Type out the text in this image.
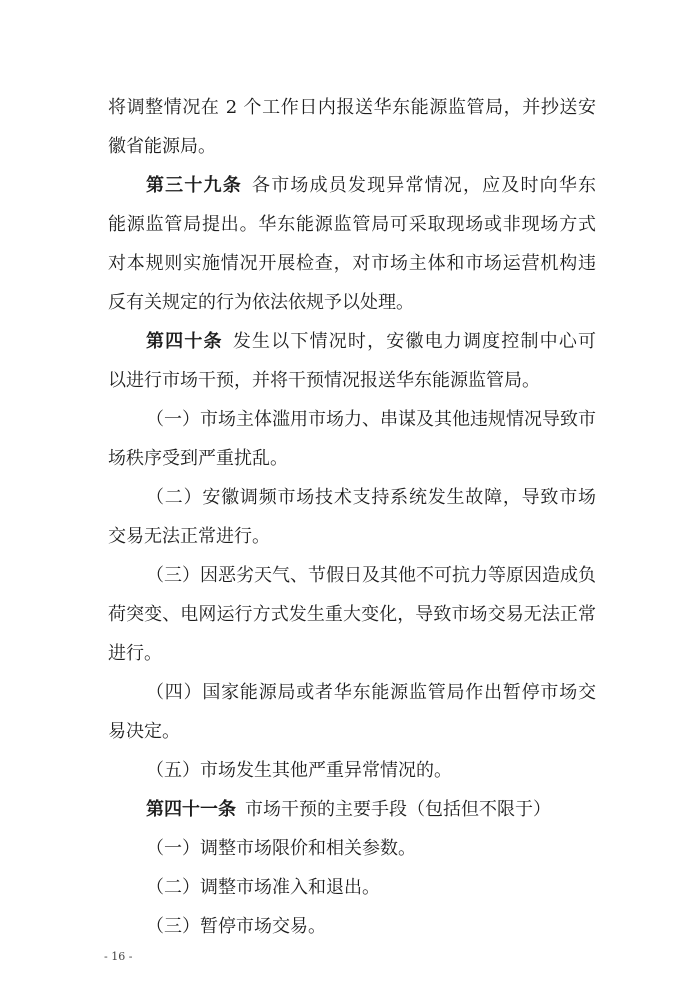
将调整情况在 2 个工作日内报送华东能源监管局，并抄送安
徽省能源局。
第三十九条  各市场成员发现异常情况，应及时向华东
能源监管局提出。华东能源监管局可采取现场或非现场方式
对本规则实施情况开展检查，对市场主体和市场运营机构违
反有关规定的行为依法依规予以处理。
第四十条  发生以下情况时，安徽电力调度控制中心可
以进行市场干预，并将干预情况报送华东能源监管局。
（一）市场主体滥用市场力、串谋及其他违规情况导致市
场秩序受到严重扰乱。
（二）安徽调频市场技术支持系统发生故障，导致市场
交易无法正常进行。
（三）因恶劣天气、节假日及其他不可抗力等原因造成负
荷突变、电网运行方式发生重大变化，导致市场交易无法正常
进行。
（四）国家能源局或者华东能源监管局作出暂停市场交
易决定。
（五）市场发生其他严重异常情况的。
第四十一条  市场干预的主要手段（包括但不限于）
（一）调整市场限价和相关参数。
（二）调整市场准入和退出。
（三）暂停市场交易。
- 16 -
